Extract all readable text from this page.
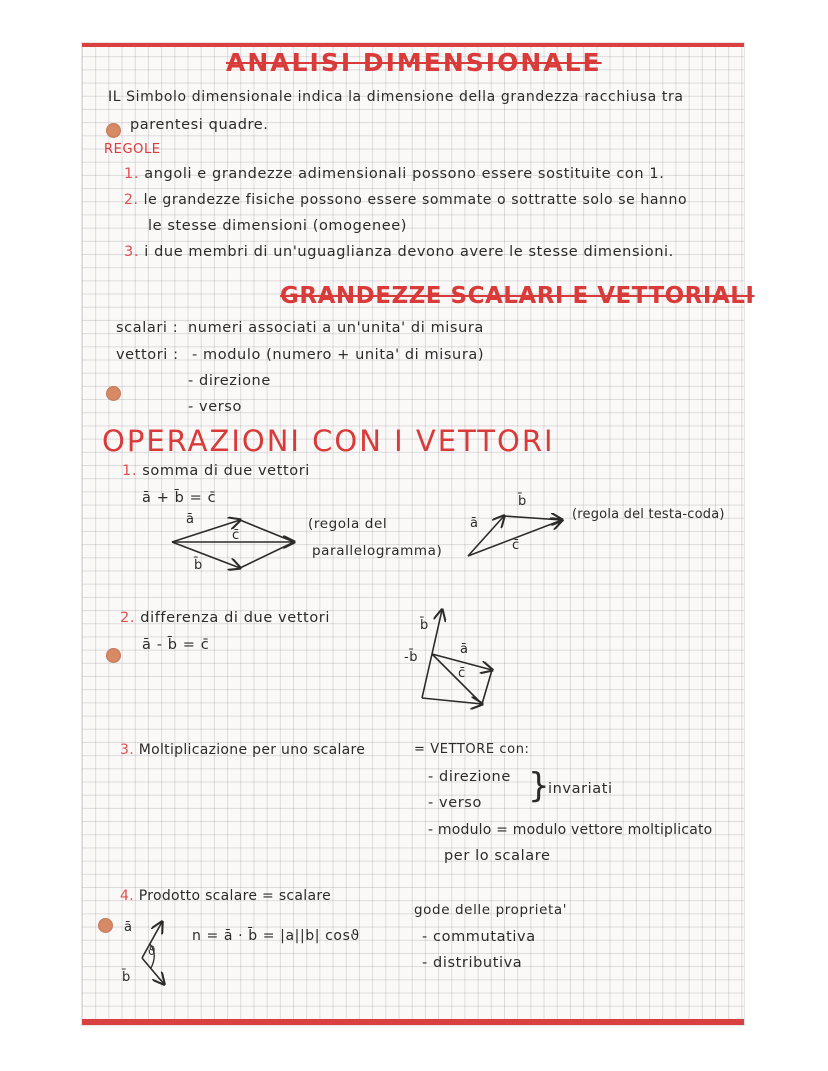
ANALISI DIMENSIONALE
IL Simbolo dimensionale indica la dimensione della grandezza racchiusa tra
parentesi quadre.
REGOLE
1. angoli e grandezze adimensionali possono essere sostituite con 1.
2. le grandezze fisiche possono essere sommate o sottratte solo se hanno
le stesse dimensioni (omogenee)
3. i due membri di un'uguaglianza devono avere le stesse dimensioni.
GRANDEZZE SCALARI E VETTORIALI
scalari : numeri associati a un'unita' di misura
vettori : - modulo (numero + unita' di misura)
- direzione
- verso
OPERAZIONI CON I VETTORI
1. somma di due vettori
ā + b̄ = c̄
ā
c̄
b̄
(regola del
parallelogramma)
ā
b̄
c̄
(regola del testa-coda)
2. differenza di due vettori
ā - b̄ = c̄
b̄
-b̄
ā
c̄
3. Moltiplicazione per uno scalare	= VETTORE con:
- direzione
- verso }
invariati
- modulo = modulo vettore moltiplicato
per lo scalare
4. Prodotto scalare = scalare
n = ā · b̄ = |a||b| cosϑ
ā
ϑ
b̄
gode delle proprieta'
- commutativa
- distributiva
